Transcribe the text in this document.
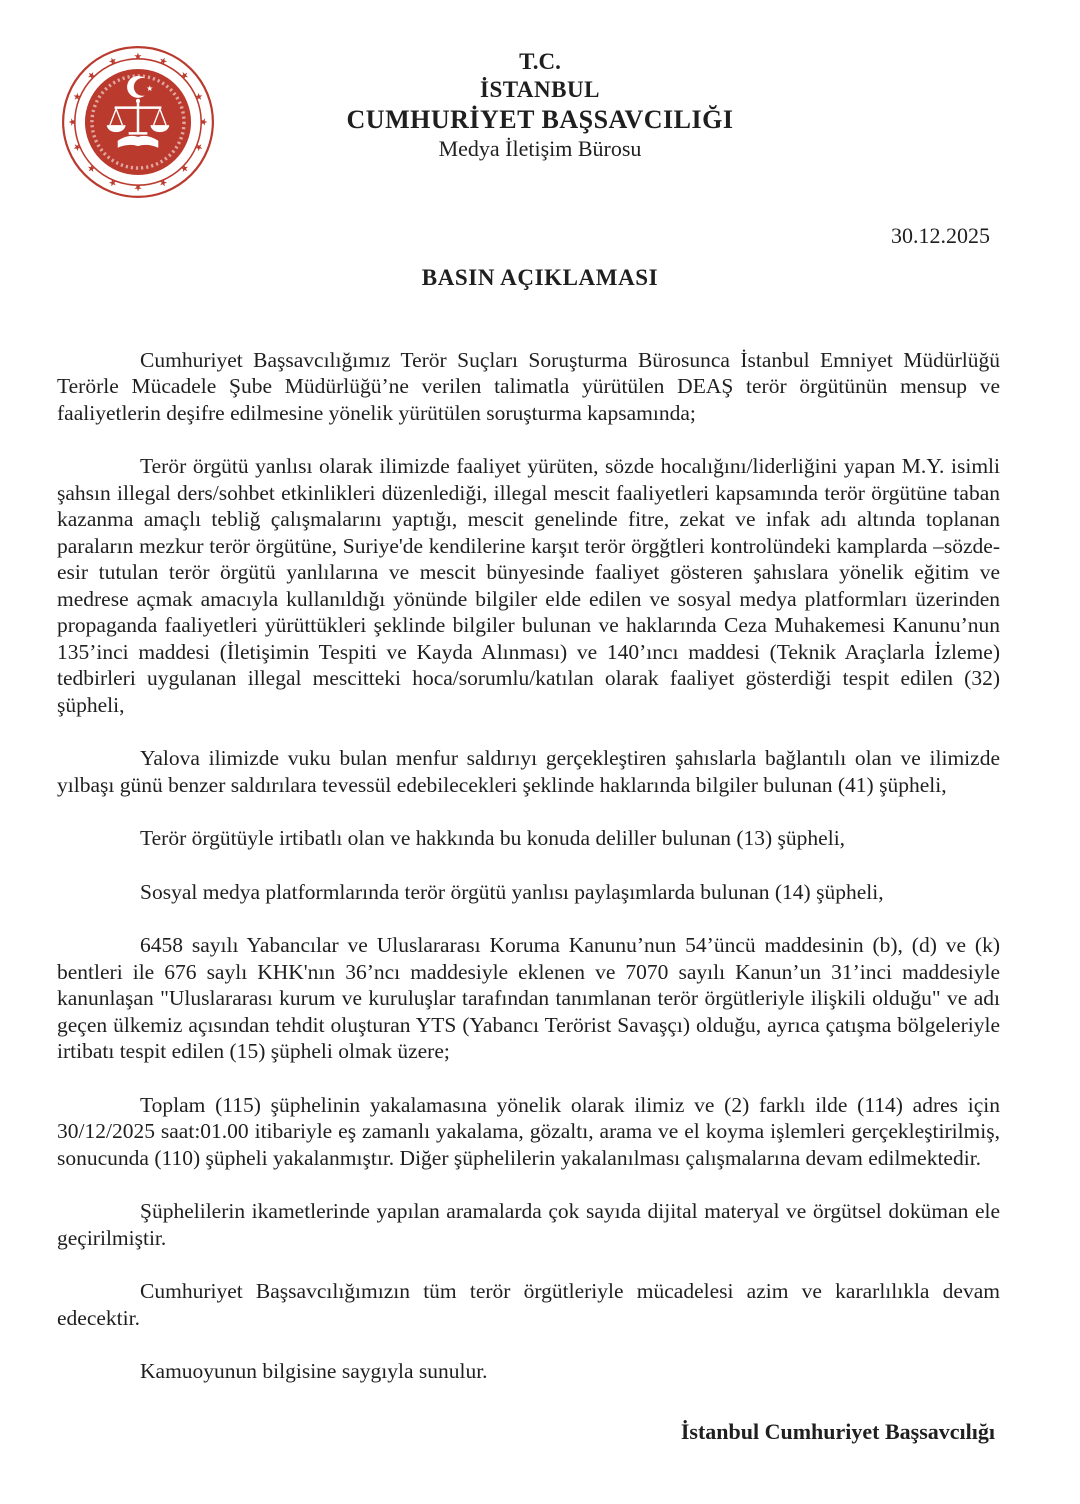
★ ★
★
★
★
★
★
★
★
★
★
★
★
★
★
★
★
T.C.
İSTANBUL
CUMHURİYET BAŞSAVCILIĞI
Medya İletişim Bürosu
30.12.2025
BASIN AÇIKLAMASI

Cumhuriyet Başsavcılığımız Terör Suçları Soruşturma Bürosunca İstanbul Emniyet Müdürlüğü Terörle Mücadele Şube Müdürlüğü’ne verilen talimatla yürütülen DEAŞ terör örgütünün mensup ve faaliyetlerin deşifre edilmesine yönelik yürütülen soruşturma kapsamında;

Terör örgütü yanlısı olarak ilimizde faaliyet yürüten, sözde hocalığını/liderliğini yapan M.Y. isimli şahsın illegal ders/sohbet etkinlikleri düzenlediği, illegal mescit faaliyetleri kapsamında terör örgütüne taban kazanma amaçlı tebliğ çalışmalarını yaptığı, mescit genelinde fitre, zekat ve infak adı altında toplanan paraların mezkur terör örgütüne, Suriye'de kendilerine karşıt terör örgğtleri kontrolündeki kamplarda –sözde- esir tutulan terör örgütü yanlılarına ve mescit bünyesinde faaliyet gösteren şahıslara yönelik eğitim ve medrese açmak amacıyla kullanıldığı yönünde bilgiler elde edilen ve sosyal medya platformları üzerinden propaganda faaliyetleri yürüttükleri şeklinde bilgiler bulunan ve haklarında Ceza Muhakemesi Kanunu’nun 135’inci maddesi (İletişimin Tespiti ve Kayda Alınması) ve 140’ıncı maddesi (Teknik Araçlarla İzleme) tedbirleri uygulanan illegal mescitteki hoca/sorumlu/katılan olarak faaliyet gösterdiği tespit edilen (32) şüpheli,

Yalova ilimizde vuku bulan menfur saldırıyı gerçekleştiren şahıslarla bağlantılı olan ve ilimizde yılbaşı günü benzer saldırılara tevessül edebilecekleri şeklinde haklarında bilgiler bulunan (41) şüpheli,

Terör örgütüyle irtibatlı olan ve hakkında bu konuda deliller bulunan (13) şüpheli,

Sosyal medya platformlarında terör örgütü yanlısı paylaşımlarda bulunan (14) şüpheli,

6458 sayılı Yabancılar ve Uluslararası Koruma Kanunu’nun 54’üncü maddesinin (b), (d) ve (k) bentleri ile 676 saylı KHK'nın 36’ncı maddesiyle eklenen ve 7070 sayılı Kanun’un 31’inci maddesiyle kanunlaşan "Uluslararası kurum ve kuruluşlar tarafından tanımlanan terör örgütleriyle ilişkili olduğu" ve adı geçen ülkemiz açısından tehdit oluşturan YTS (Yabancı Terörist Savaşçı) olduğu, ayrıca çatışma bölgeleriyle irtibatı tespit edilen (15) şüpheli olmak üzere;

Toplam (115) şüphelinin yakalamasına yönelik olarak ilimiz ve (2) farklı ilde (114) adres için 30/12/2025 saat:01.00 itibariyle eş zamanlı yakalama, gözaltı, arama ve el koyma işlemleri gerçekleştirilmiş, sonucunda (110) şüpheli yakalanmıştır. Diğer şüphelilerin yakalanılması çalışmalarına devam edilmektedir.

Şüphelilerin ikametlerinde yapılan aramalarda çok sayıda dijital materyal ve örgütsel doküman ele geçirilmiştir.

Cumhuriyet Başsavcılığımızın tüm terör örgütleriyle mücadelesi azim ve kararlılıkla devam edecektir.

Kamuoyunun bilgisine saygıyla sunulur.

İstanbul Cumhuriyet Başsavcılığı
